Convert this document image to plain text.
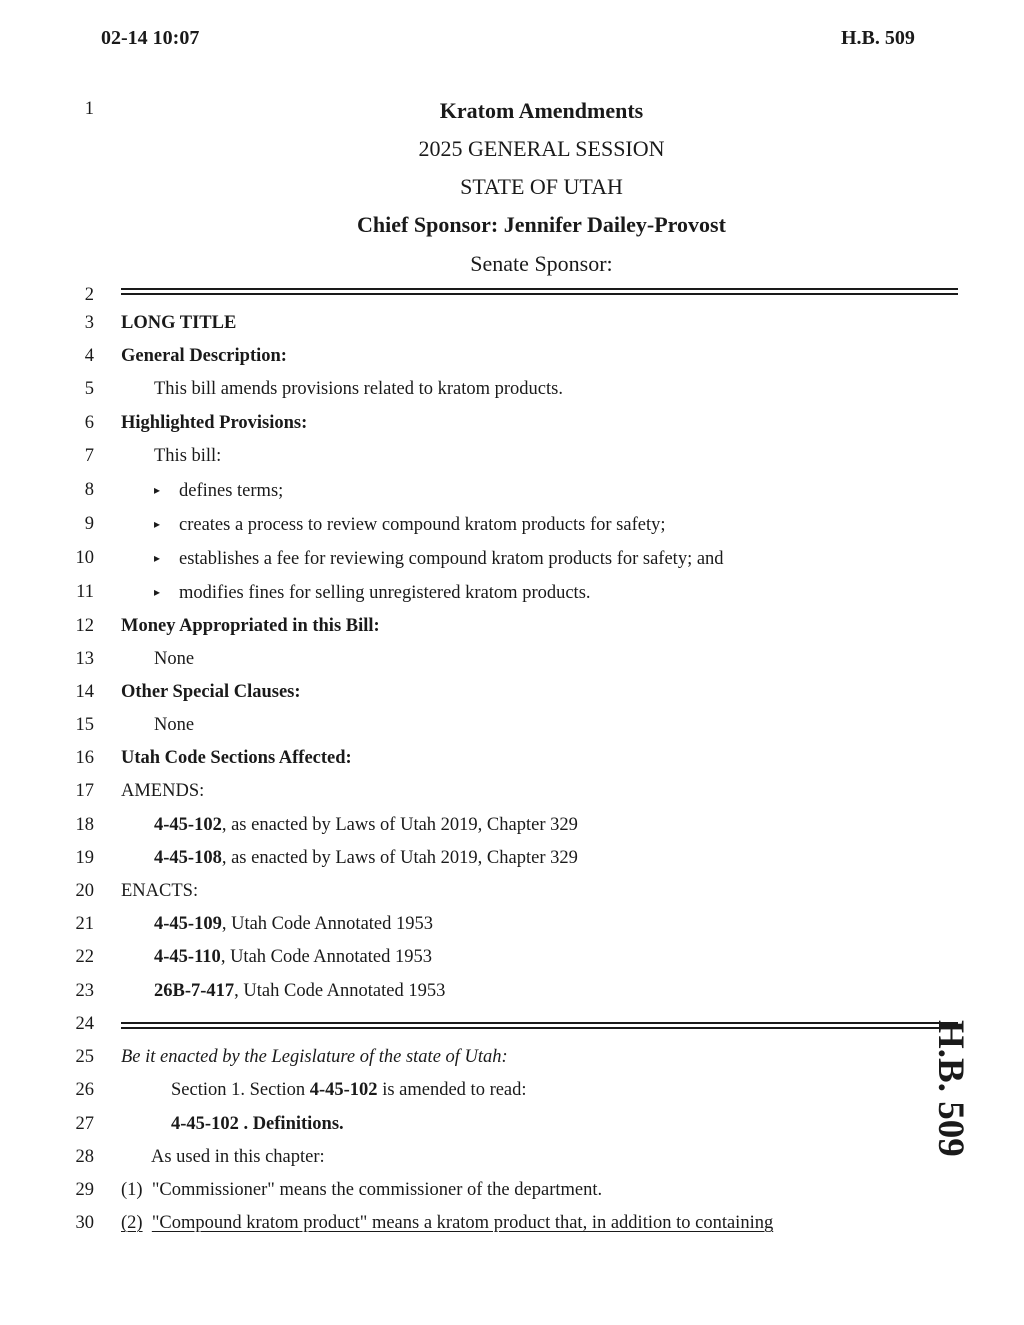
02-14 10:07	H.B. 509
1
2
3
4
5
6
7
8
9
10
11
12
13
14
15
16
17
18
19
20
21
22
23
24
25
26
27
28
29
30
Kratom Amendments
2025 GENERAL SESSION
STATE OF UTAH
Chief Sponsor: Jennifer Dailey-Provost
Senate Sponsor:
LONG TITLE
General Description:
This bill amends provisions related to kratom products.
Highlighted Provisions:
This bill:
▸ defines terms;
▸ creates a process to review compound kratom products for safety;
▸ establishes a fee for reviewing compound kratom products for safety; and
▸ modifies fines for selling unregistered kratom products.
Money Appropriated in this Bill:
None
Other Special Clauses:
None
Utah Code Sections Affected:
AMENDS:
4-45-102, as enacted by Laws of Utah 2019, Chapter 329
4-45-108, as enacted by Laws of Utah 2019, Chapter 329
ENACTS:
4-45-109, Utah Code Annotated 1953
4-45-110, Utah Code Annotated 1953
26B-7-417, Utah Code Annotated 1953
Be it enacted by the Legislature of the state of Utah:
Section 1. Section 4-45-102 is amended to read:
4-45-102 . Definitions.
As used in this chapter:
(1) "Commissioner" means the commissioner of the department.
(2) "Compound kratom product" means a kratom product that, in addition to containing
H.B. 509
